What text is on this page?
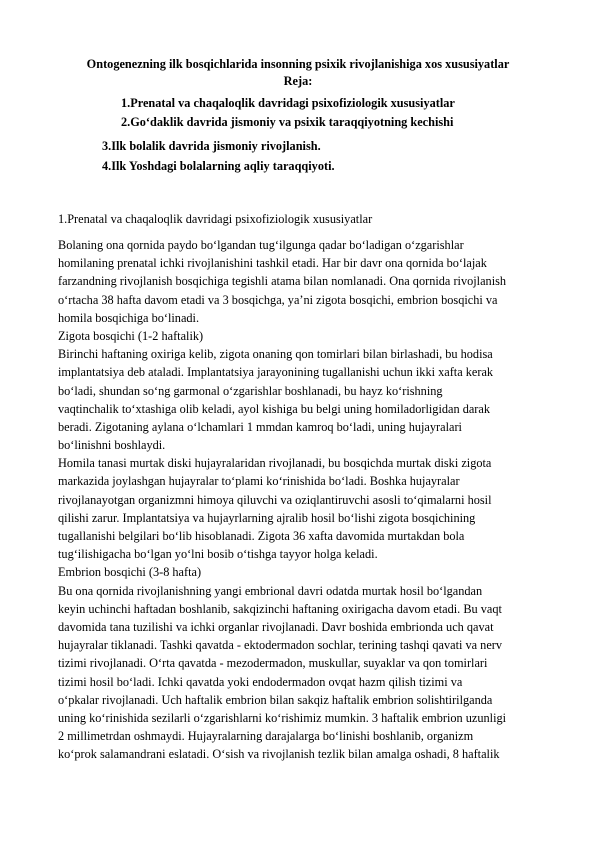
Ontogenezning ilk bosqichlarida insonning psixik rivojlanishiga xos xususiyatlar
Reja:
1.Prenatal va chaqaloqlik davridagi psixofiziologik xususiyatlar
2.Go‘daklik davrida jismoniy va psixik taraqqiyotning kechishi
3.Ilk bolalik davrida jismoniy rivojlanish.
4.Ilk Yoshdagi bolalarning aqliy taraqqiyoti.
1.Prenatal va chaqaloqlik davridagi psixofiziologik xususiyatlar
Bolaning ona qornida paydo bo‘lgandan tug‘ilgunga qadar bo‘ladigan o‘zgarishlar
homilaning prenatal ichki rivojlanishini tashkil etadi. Har bir davr ona qornida bo‘lajak
farzandning rivojlanish bosqichiga tegishli atama bilan nomlanadi. Ona qornida rivojlanish
o‘rtacha 38 hafta davom etadi va 3 bosqichga, ya’ni zigota bosqichi, embrion bosqichi va
homila bosqichiga bo‘linadi.
Zigota bosqichi (1-2 haftalik)
Birinchi haftaning oxiriga kelib, zigota onaning qon tomirlari bilan birlashadi, bu hodisa
implantatsiya deb ataladi. Implantatsiya jarayonining tugallanishi uchun ikki xafta kerak
bo‘ladi, shundan so‘ng garmonal o‘zgarishlar boshlanadi, bu hayz ko‘rishning
vaqtinchalik to‘xtashiga olib keladi, ayol kishiga bu belgi uning homiladorligidan darak
beradi. Zigotaning aylana o‘lchamlari 1 mmdan kamroq bo‘ladi, uning hujayralari
bo‘linishni boshlaydi.
Homila tanasi murtak diski hujayralaridan rivojlanadi, bu bosqichda murtak diski zigota
markazida joylashgan hujayralar to‘plami ko‘rinishida bo‘ladi. Boshka hujayralar
rivojlanayotgan organizmni himoya qiluvchi va oziqlantiruvchi asosli to‘qimalarni hosil
qilishi zarur. Implantatsiya va hujayrlarning ajralib hosil bo‘lishi zigota bosqichining
tugallanishi belgilari bo‘lib hisoblanadi. Zigota 36 xafta davomida murtakdan bola
tug‘ilishigacha bo‘lgan yo‘lni bosib o‘tishga tayyor holga keladi.
Embrion bosqichi (3-8 hafta)
Bu ona qornida rivojlanishning yangi embrional davri odatda murtak hosil bo‘lgandan
keyin uchinchi haftadan boshlanib, sakqizinchi haftaning oxirigacha davom etadi. Bu vaqt
davomida tana tuzilishi va ichki organlar rivojlanadi. Davr boshida embrionda uch qavat
hujayralar tiklanadi. Tashki qavatda - ektodermadon sochlar, terining tashqi qavati va nerv
tizimi rivojlanadi. O‘rta qavatda - mezodermadon, muskullar, suyaklar va qon tomirlari
tizimi hosil bo‘ladi. Ichki qavatda yoki endodermadon ovqat hazm qilish tizimi va
o‘pkalar rivojlanadi. Uch haftalik embrion bilan sakqiz haftalik embrion solishtirilganda
uning ko‘rinishida sezilarli o‘zgarishlarni ko‘rishimiz mumkin. 3 haftalik embrion uzunligi
2 millimetrdan oshmaydi. Hujayralarning darajalarga bo‘linishi boshlanib, organizm
ko‘prok salamandrani eslatadi. O‘sish va rivojlanish tezlik bilan amalga oshadi, 8 haftalik
